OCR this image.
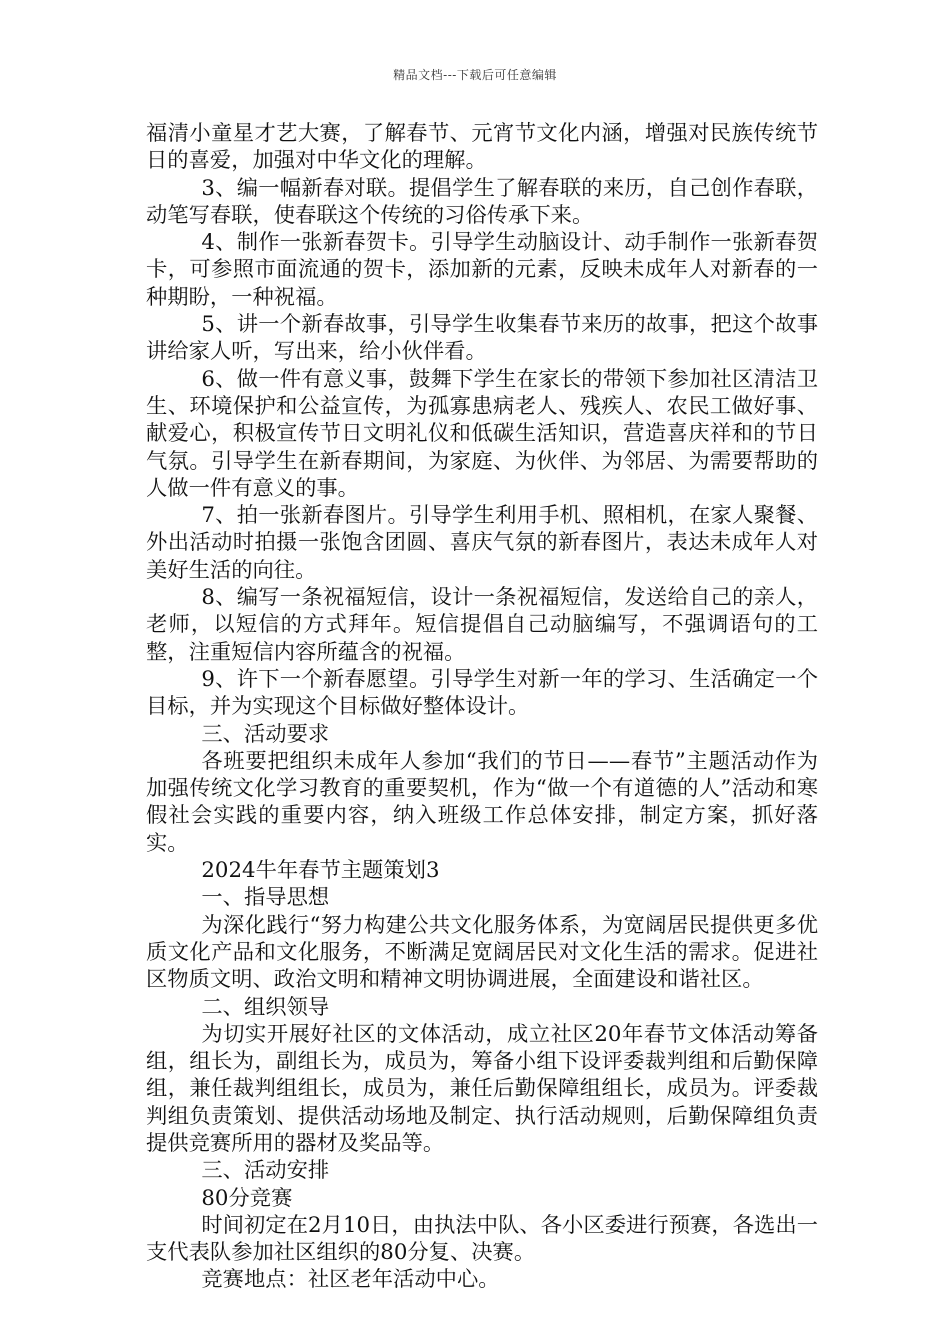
精品文档---下载后可任意编辑

福清小童星才艺大赛，了解春节、元宵节文化内涵，增强对民族传统节日的喜爱，加强对中华文化的理解。

3、编一幅新春对联。提倡学生了解春联的来历，自己创作春联，动笔写春联，使春联这个传统的习俗传承下来。

4、制作一张新春贺卡。引导学生动脑设计、动手制作一张新春贺卡，可参照市面流通的贺卡，添加新的元素，反映未成年人对新春的一种期盼，一种祝福。

5、讲一个新春故事，引导学生收集春节来历的故事，把这个故事讲给家人听，写出来，给小伙伴看。

6、做一件有意义事，鼓舞下学生在家长的带领下参加社区清洁卫生、环境保护和公益宣传，为孤寡患病老人、残疾人、农民工做好事、献爱心，积极宣传节日文明礼仪和低碳生活知识，营造喜庆祥和的节日气氛。引导学生在新春期间，为家庭、为伙伴、为邻居、为需要帮助的人做一件有意义的事。

7、拍一张新春图片。引导学生利用手机、照相机，在家人聚餐、外出活动时拍摄一张饱含团圆、喜庆气氛的新春图片，表达未成年人对美好生活的向往。

8、编写一条祝福短信，设计一条祝福短信，发送给自己的亲人，老师，以短信的方式拜年。短信提倡自己动脑编写，不强调语句的工整，注重短信内容所蕴含的祝福。

9、许下一个新春愿望。引导学生对新一年的学习、生活确定一个目标，并为实现这个目标做好整体设计。

三、活动要求

各班要把组织未成年人参加“我们的节日——春节”主题活动作为加强传统文化学习教育的重要契机，作为“做一个有道德的人”活动和寒假社会实践的重要内容，纳入班级工作总体安排，制定方案，抓好落实。

2024牛年春节主题策划3

一、指导思想

为深化践行“努力构建公共文化服务体系，为宽阔居民提供更多优质文化产品和文化服务，不断满足宽阔居民对文化生活的需求。促进社区物质文明、政治文明和精神文明协调进展，全面建设和谐社区。

二、组织领导

为切实开展好社区的文体活动，成立社区20年春节文体活动筹备组，组长为，副组长为，成员为，筹备小组下设评委裁判组和后勤保障组，兼任裁判组组长，成员为，兼任后勤保障组组长，成员为。评委裁判组负责策划、提供活动场地及制定、执行活动规则，后勤保障组负责提供竞赛所用的器材及奖品等。

三、活动安排

80分竞赛

时间初定在2月10日，由执法中队、各小区委进行预赛，各选出一支代表队参加社区组织的80分复、决赛。

竞赛地点：社区老年活动中心。
